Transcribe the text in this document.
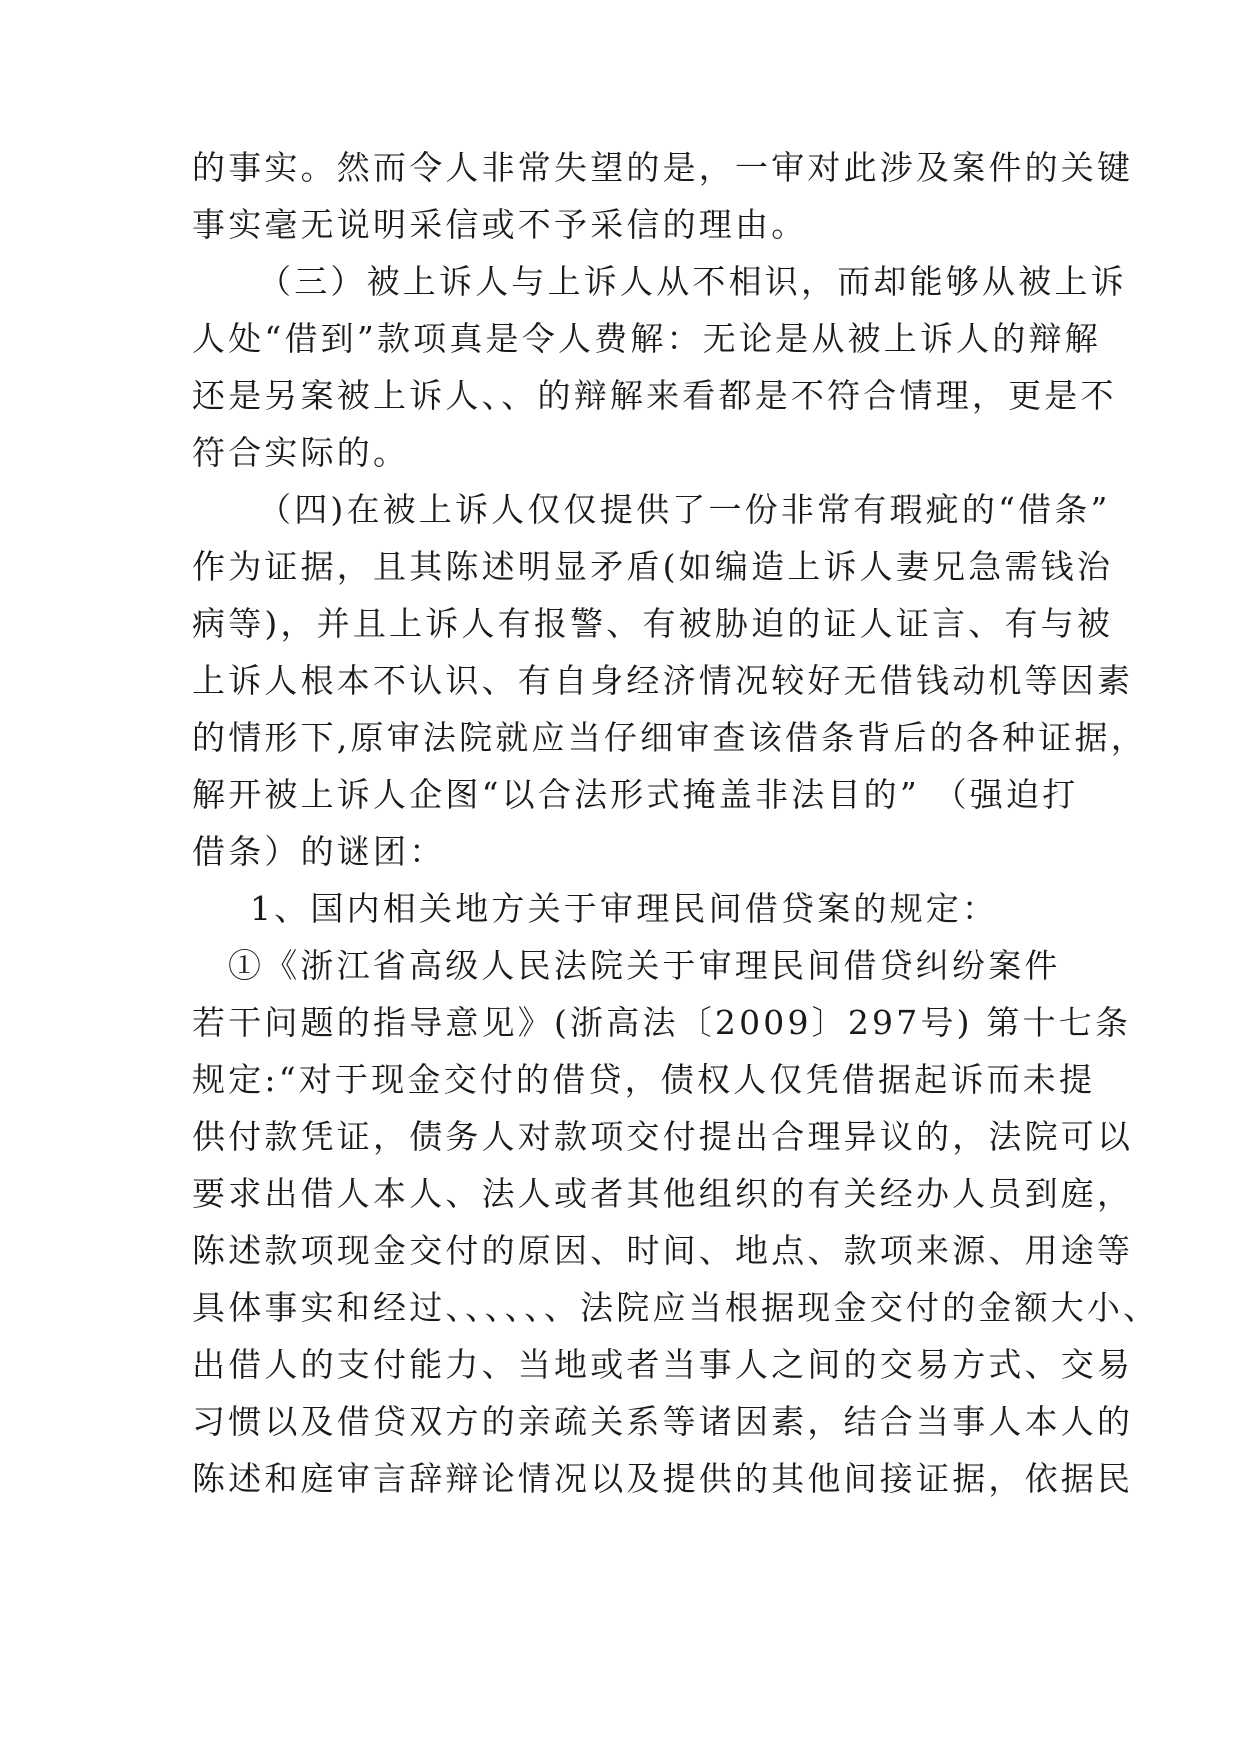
的事实。然而令人非常失望的是，一审对此涉及案件的关键
事实毫无说明采信或不予采信的理由。
（三）被上诉人与上诉人从不相识，而却能够从被上诉
人处“借到”款项真是令人费解：无论是从被上诉人的辩解
还是另案被上诉人、、的辩解来看都是不符合情理，更是不
符合实际的。
（四)在被上诉人仅仅提供了一份非常有瑕疵的“借条”
作为证据，且其陈述明显矛盾(如编造上诉人妻兄急需钱治
病等)，并且上诉人有报警、有被胁迫的证人证言、有与被
上诉人根本不认识、有自身经济情况较好无借钱动机等因素
的情形下,原审法院就应当仔细审查该借条背后的各种证据，
解开被上诉人企图“以合法形式掩盖非法目的” （强迫打
借条）的谜团：
1、国内相关地方关于审理民间借贷案的规定：
①《浙江省高级人民法院关于审理民间借贷纠纷案件
若干问题的指导意见》(浙高法〔2009〕297号) 第十七条
规定:“对于现金交付的借贷，债权人仅凭借据起诉而未提
供付款凭证，债务人对款项交付提出合理异议的，法院可以
要求出借人本人、法人或者其他组织的有关经办人员到庭，
陈述款项现金交付的原因、时间、地点、款项来源、用途等
具体事实和经过、、、、、、法院应当根据现金交付的金额大小、
出借人的支付能力、当地或者当事人之间的交易方式、交易
习惯以及借贷双方的亲疏关系等诸因素，结合当事人本人的
陈述和庭审言辞辩论情况以及提供的其他间接证据，依据民
